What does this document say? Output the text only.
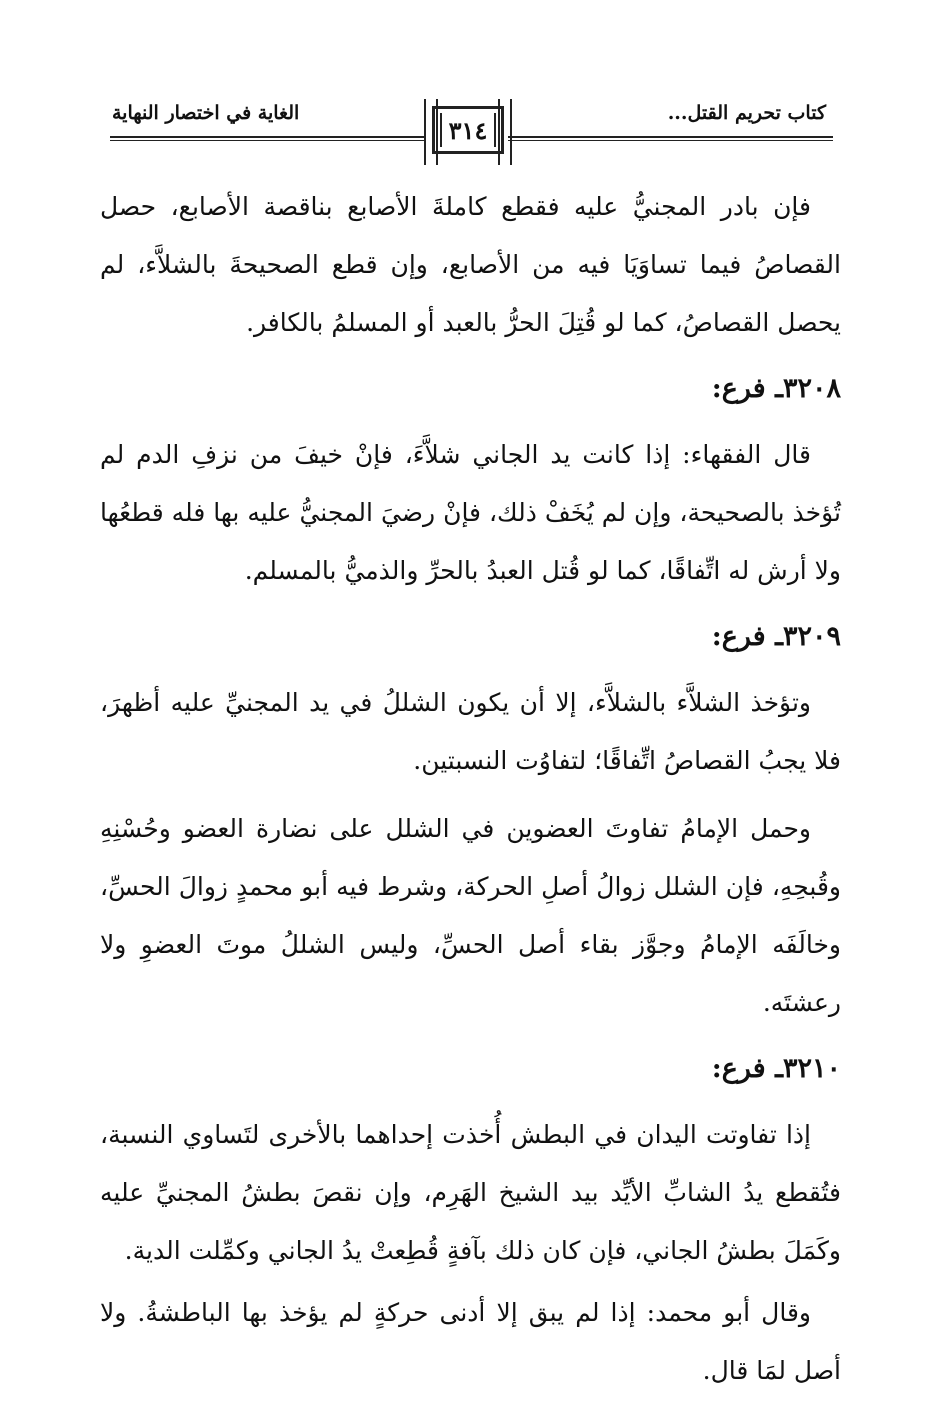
كتاب تحريم القتل...
الغاية في اختصار النهاية
٣١٤

فإن بادر المجنيُّ عليه فقطع كاملةَ الأصابع بناقصة الأصابع، حصل القصاصُ فيما تساوَيَا فيه من الأصابع، وإن قطع الصحيحةَ بالشلاَّء، لم يحصل القصاصُ، كما لو قُتِلَ الحرُّ بالعبد أو المسلمُ بالكافر.

٣٢٠٨ـ فرع:

قال الفقهاء: إذا كانت يد الجاني شلاَّءَ، فإنْ خيفَ من نزفِ الدم لم تُؤخذ بالصحيحة، وإن لم يُخَفْ ذلك، فإنْ رضيَ المجنيُّ عليه بها فله قطعُها ولا أرش له اتِّفاقًا، كما لو قُتل العبدُ بالحرِّ والذميُّ بالمسلم.

٣٢٠٩ـ فرع:

وتؤخذ الشلاَّء بالشلاَّء، إلا أن يكون الشللُ في يد المجنيِّ عليه أظهرَ، فلا يجبُ القصاصُ اتِّفاقًا؛ لتفاوُت النسبتين.

وحمل الإمامُ تفاوتَ العضوين في الشلل على نضارة العضو وحُسْنِهِ وقُبحِهِ، فإن الشلل زوالُ أصلِ الحركة، وشرط فيه أبو محمدٍ زوالَ الحسِّ، وخالَفَه الإمامُ وجوَّز بقاء أصل الحسِّ، وليس الشللُ موتَ العضوِ ولا رعشتَه.

٣٢١٠ـ فرع:

إذا تفاوتت اليدان في البطش أُخذت إحداهما بالأخرى لتَساوي النسبة، فتُقطع يدُ الشابِّ الأيِّد بيد الشيخ الهَرِم، وإن نقصَ بطشُ المجنيِّ عليه وكَمَلَ بطشُ الجاني، فإن كان ذلك بآفةٍ قُطِعتْ يدُ الجاني وكمِّلت الدية.

وقال أبو محمد: إذا لم يبق إلا أدنى حركةٍ لم يؤخذ بها الباطشةُ. ولا أصل لمَا قال.
